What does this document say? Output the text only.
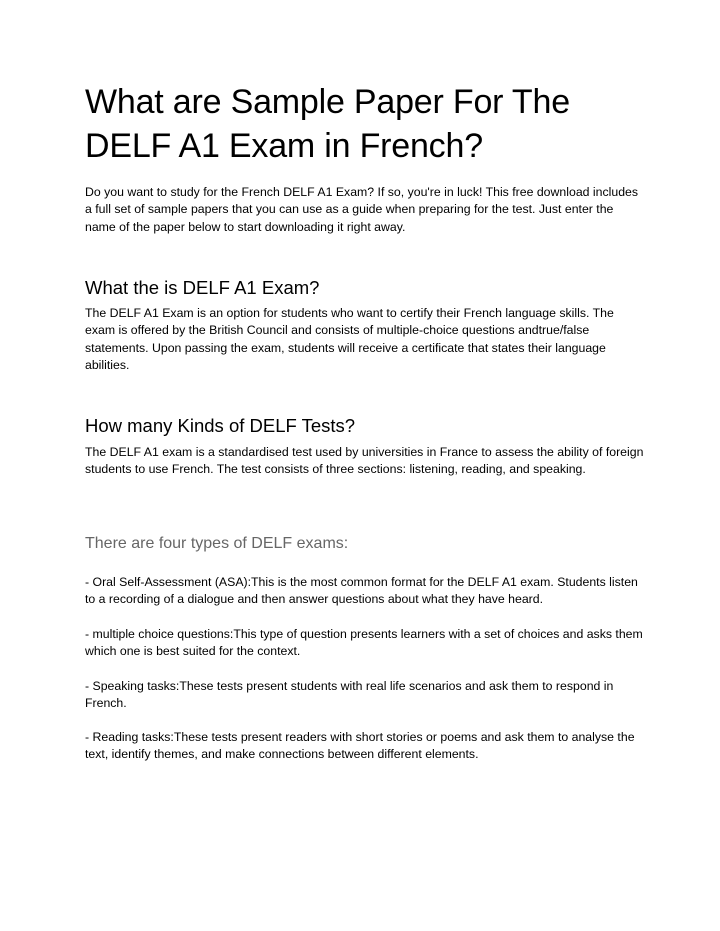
What are Sample Paper For The DELF A1 Exam in French?

Do you want to study for the French DELF A1 Exam? If so, you're in luck! This free download includes a full set of sample papers that you can use as a guide when preparing for the test. Just enter the name of the paper below to start downloading it right away.

What the is DELF A1 Exam?

The DELF A1 Exam is an option for students who want to certify their French language skills. The exam is offered by the British Council and consists of multiple-choice questions andtrue/false statements. Upon passing the exam, students will receive a certificate that states their language abilities.

How many Kinds of DELF Tests?

The DELF A1 exam is a standardised test used by universities in France to assess the ability of foreign students to use French. The test consists of three sections: listening, reading, and speaking.

There are four types of DELF exams:

- Oral Self-Assessment (ASA):This is the most common format for the DELF A1 exam. Students listen to a recording of a dialogue and then answer questions about what they have heard.

- multiple choice questions:This type of question presents learners with a set of choices and asks them which one is best suited for the context.

- Speaking tasks:These tests present students with real life scenarios and ask them to respond in French.

- Reading tasks:These tests present readers with short stories or poems and ask them to analyse the text, identify themes, and make connections between different elements.
